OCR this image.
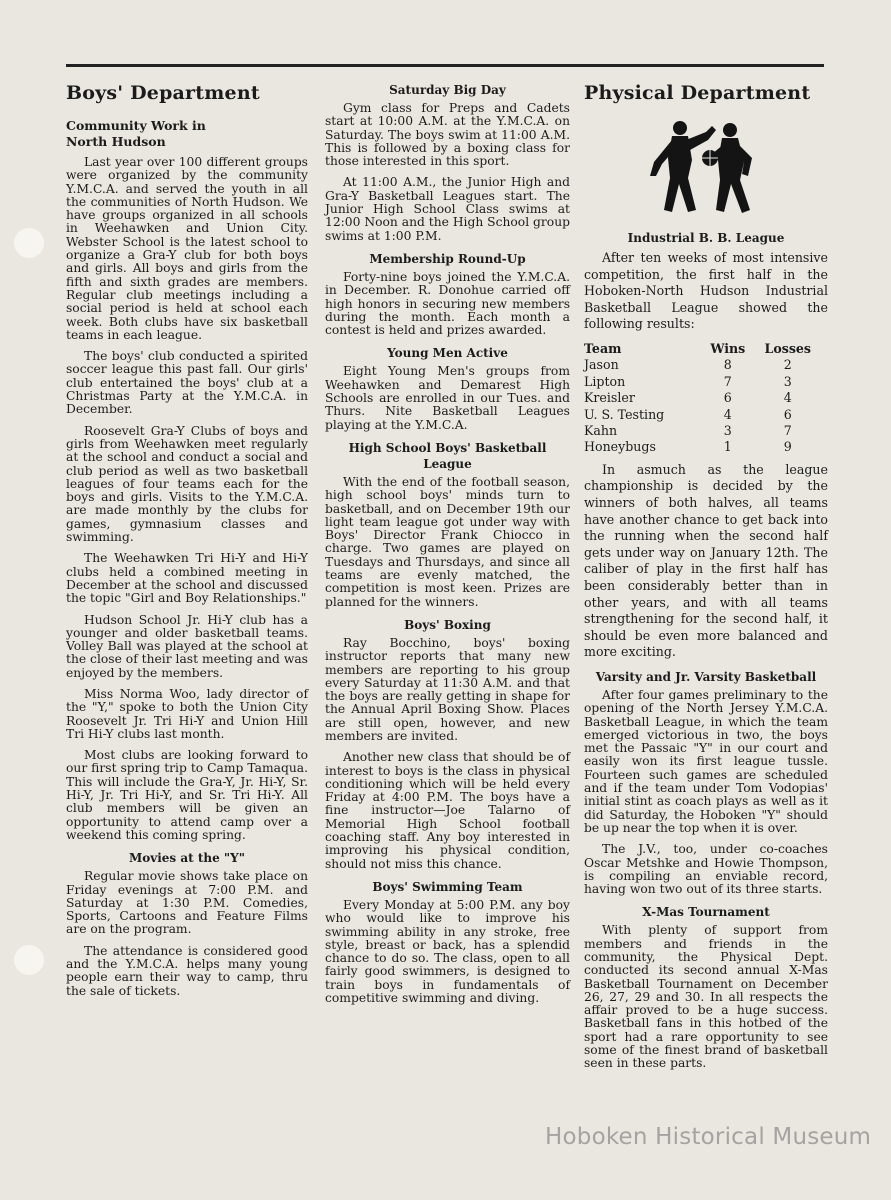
Boys' Department
Community Work in North Hudson

Last year over 100 different groups were organized by the community Y.M.C.A. and served the youth in all the communities of North Hudson. We have groups organized in all schools in Weehawken and Union City. Webster School is the latest school to organize a Gra-Y club for both boys and girls. All boys and girls from the fifth and sixth grades are members. Regular club meetings including a social period is held at school each week. Both clubs have six basketball teams in each league.

The boys' club conducted a spirited soccer league this past fall. Our girls' club entertained the boys' club at a Christmas Party at the Y.M.C.A. in December.

Roosevelt Gra-Y Clubs of boys and girls from Weehawken meet regularly at the school and conduct a social and club period as well as two basketball leagues of four teams each for the boys and girls. Visits to the Y.M.C.A. are made monthly by the clubs for games, gymnasium classes and swimming.

The Weehawken Tri Hi-Y and Hi-Y clubs held a combined meeting in December at the school and discussed the topic "Girl and Boy Relationships."

Hudson School Jr. Hi-Y club has a younger and older basketball teams. Volley Ball was played at the school at the close of their last meeting and was enjoyed by the members.

Miss Norma Woo, lady director of the "Y," spoke to both the Union City Roosevelt Jr. Tri Hi-Y and Union Hill Tri Hi-Y clubs last month.

Most clubs are looking forward to our first spring trip to Camp Tamaqua. This will include the Gra-Y, Jr. Hi-Y, Sr. Hi-Y, Jr. Tri Hi-Y, and Sr. Tri Hi-Y. All club members will be given an opportunity to attend camp over a weekend this coming spring.

Movies at the "Y"

Regular movie shows take place on Friday evenings at 7:00 P.M. and Saturday at 1:30 P.M. Comedies, Sports, Cartoons and Feature Films are on the program.

The attendance is considered good and the Y.M.C.A. helps many young people earn their way to camp, thru the sale of tickets.

Saturday Big Day

Gym class for Preps and Cadets start at 10:00 A.M. at the Y.M.C.A. on Saturday. The boys swim at 11:00 A.M. This is followed by a boxing class for those interested in this sport.

At 11:00 A.M., the Junior High and Gra-Y Basketball Leagues start. The Junior High School Class swims at 12:00 Noon and the High School group swims at 1:00 P.M.

Membership Round-Up

Forty-nine boys joined the Y.M.C.A. in December. R. Donohue carried off high honors in securing new members during the month. Each month a contest is held and prizes awarded.

Young Men Active

Eight Young Men's groups from Weehawken and Demarest High Schools are enrolled in our Tues. and Thurs. Nite Basketball Leagues playing at the Y.M.C.A.

High School Boys' Basketball League

With the end of the football season, high school boys' minds turn to basketball, and on December 19th our light team league got under way with Boys' Director Frank Chiocco in charge. Two games are played on Tuesdays and Thursdays, and since all teams are evenly matched, the competition is most keen. Prizes are planned for the winners.

Boys' Boxing

Ray Bocchino, boys' boxing instructor reports that many new members are reporting to his group every Saturday at 11:30 A.M. and that the boys are really getting in shape for the Annual April Boxing Show. Places are still open, however, and new members are invited.

Another new class that should be of interest to boys is the class in physical conditioning which will be held every Friday at 4:00 P.M. The boys have a fine instructor—Joe Talarno of Memorial High School football coaching staff. Any boy interested in improving his physical condition, should not miss this chance.

Boys' Swimming Team

Every Monday at 5:00 P.M. any boy who would like to improve his swimming ability in any stroke, free style, breast or back, has a splendid chance to do so. The class, open to all fairly good swimmers, is designed to train boys in fundamentals of competitive swimming and diving.

Physical Department
Industrial B. B. League

After ten weeks of most intensive competition, the first half in the Hoboken-North Hudson Industrial Basketball League showed the following results:

Team	Wins	Losses
Jason	8	2
Lipton	7	3
Kreisler	6	4
U. S. Testing	4	6
Kahn	3	7
Honeybugs	1	9

In asmuch as the league championship is decided by the winners of both halves, all teams have another chance to get back into the running when the second half gets under way on January 12th. The caliber of play in the first half has been considerably better than in other years, and with all teams strengthening for the second half, it should be even more balanced and more exciting.

Varsity and Jr. Varsity Basketball

After four games preliminary to the opening of the North Jersey Y.M.C.A. Basketball League, in which the team emerged victorious in two, the boys met the Passaic "Y" in our court and easily won its first league tussle. Fourteen such games are scheduled and if the team under Tom Vodopias' initial stint as coach plays as well as it did Saturday, the Hoboken "Y" should be up near the top when it is over.

The J.V., too, under co-coaches Oscar Metshke and Howie Thompson, is compiling an enviable record, having won two out of its three starts.

X-Mas Tournament

With plenty of support from members and friends in the community, the Physical Dept. conducted its second annual X-Mas Basketball Tournament on December 26, 27, 29 and 30. In all respects the affair proved to be a huge success. Basketball fans in this hotbed of the sport had a rare opportunity to see some of the finest brand of basketball seen in these parts.

Hoboken Historical Museum
